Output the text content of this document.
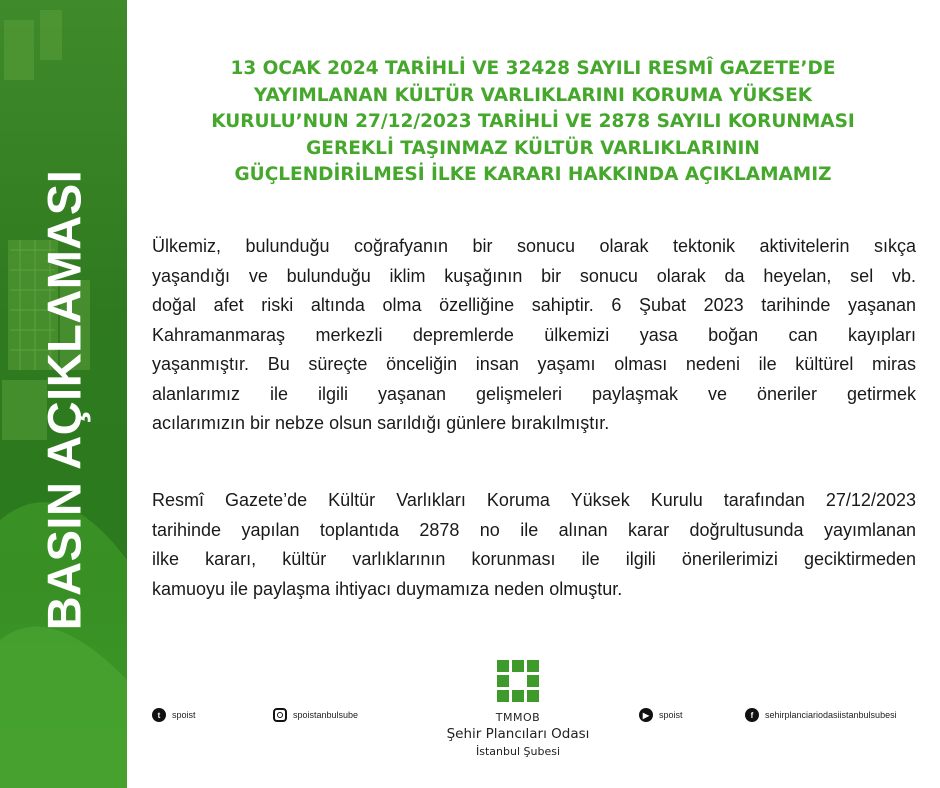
BASIN AÇIKLAMASI
13 OCAK 2024 TARİHLİ VE 32428 SAYILI RESMÎ GAZETE’DE
YAYIMLANAN KÜLTÜR VARLIKLARINI KORUMA YÜKSEK
KURULU’NUN 27/12/2023 TARİHLİ VE 2878 SAYILI KORUNMASI
GEREKLİ TAŞINMAZ KÜLTÜR VARLIKLARININ
GÜÇLENDİRİLMESİ İLKE KARARI HAKKINDA AÇIKLAMAMIZ

Ülkemiz, bulunduğu coğrafyanın bir sonucu olarak tektonik aktivitelerin sıkça
yaşandığı ve bulunduğu iklim kuşağının bir sonucu olarak da heyelan, sel vb.
doğal afet riski altında olma özelliğine sahiptir. 6 Şubat 2023 tarihinde yaşanan
Kahramanmaraş merkezli depremlerde ülkemizi yasa boğan can kayıpları
yaşanmıştır. Bu süreçte önceliğin insan yaşamı olması nedeni ile kültürel miras
alanlarımız ile ilgili yaşanan gelişmeleri paylaşmak ve öneriler getirmek
acılarımızın bir nebze olsun sarıldığı günlere bırakılmıştır.

Resmî Gazete’de Kültür Varlıkları Koruma Yüksek Kurulu tarafından 27/12/2023
tarihinde yapılan toplantıda 2878 no ile alınan karar doğrultusunda yayımlanan
ilke kararı, kültür varlıklarının korunması ile ilgili önerilerimizi geciktirmeden
kamuoyu ile paylaşma ihtiyacı duymamıza neden olmuştur.

t	spoist	spoistanbulsube	▶	spoist	f	sehirplanciariodasiistanbulsubesi
TMMOB
Şehir Plancıları Odası
İstanbul Şubesi
